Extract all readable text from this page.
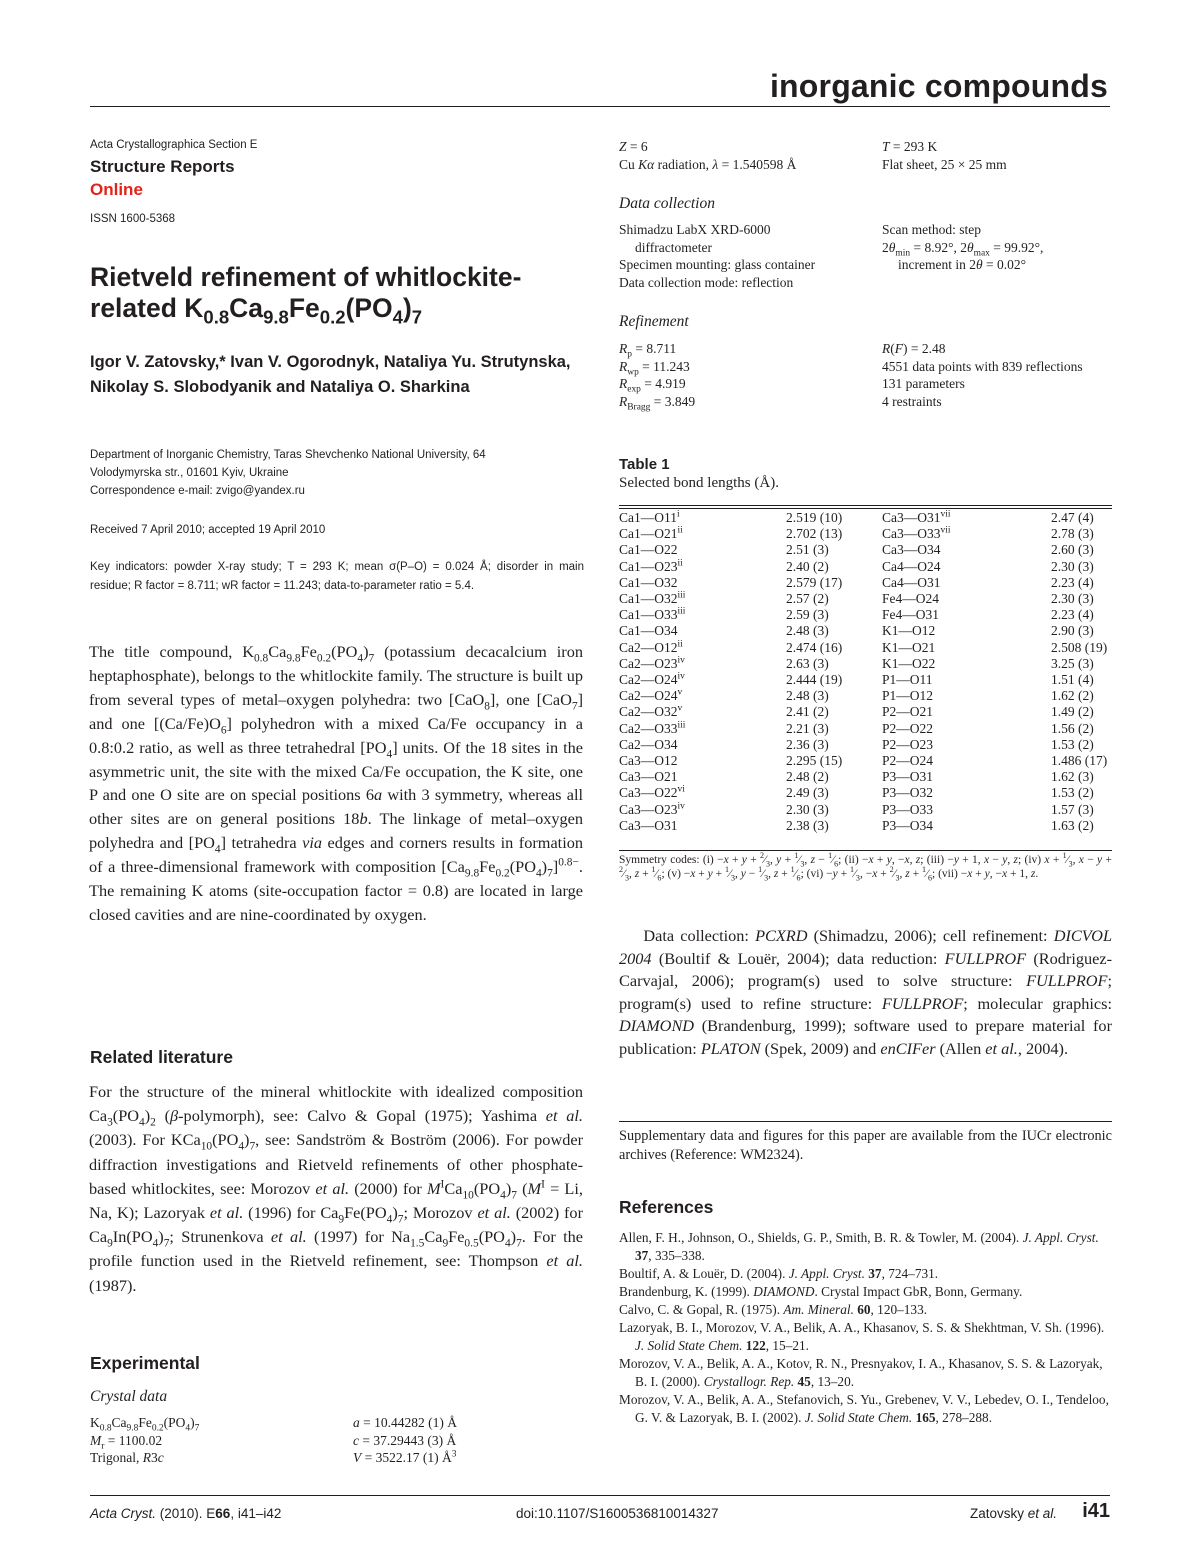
inorganic compounds
Acta Crystallographica Section E
Structure Reports
Online
ISSN 1600-5368
Rietveld refinement of whitlockite-
related $K_{0.8}Ca_{9.8}Fe_{0.2}(PO_4)_7$
Igor V. Zatovsky,* Ivan V. Ogorodnyk, Nataliya Yu. Strutynska, Nikolay S. Slobodyanik and Nataliya O. Sharkina
Department of Inorganic Chemistry, Taras Shevchenko National University, 64
Volodymyrska str., 01601 Kyiv, Ukraine
Correspondence e-mail: zvigo@yandex.ru
Received 7 April 2010; accepted 19 April 2010
Key indicators: powder X-ray study; T = 293 K; mean σ(P–O) = 0.024 Å; disorder in main residue; R factor = 8.711; wR factor = 11.243; data-to-parameter ratio = 5.4.
The title compound, $K_{0.8}Ca_{9.8}Fe_{0.2}(PO_4)_7$ (potassium decacalcium iron heptaphosphate), belongs to the whitlockite family. The structure is built up from several types of metal–oxygen polyhedra: two [CaO$_8$], one [CaO$_7$] and one $[(Ca/Fe)O_6]$ polyhedron with a mixed Ca/Fe occupancy in a 0.8:0.2 ratio, as well as three tetrahedral $[PO_4]$ units. Of the 18 sites in the asymmetric unit, the site with the mixed Ca/Fe occupation, the K site, one P and one O site are on special positions 6a with 3 symmetry, whereas all other sites are on general positions 18b. The linkage of metal–oxygen polyhedra and $[PO_4]$ tetrahedra via edges and corners results in formation of a three-dimensional framework with composition $[Ca_{9.8}Fe_{0.2}(PO_4)_7]^{0.8-}$. The remaining K atoms (site-occupation factor = 0.8) are located in large closed cavities and are nine-coordinated by oxygen.
Related literature
For the structure of the mineral whitlockite with idealized composition $Ca_3(PO_4)_2$ (β-polymorph), see: Calvo & Gopal (1975); Yashima et al. (2003). For $KCa_{10}(PO_4)_7$, see: Sandström & Boström (2006). For powder diffraction investigations and Rietveld refinements of other phosphate-based whitlockites, see: Morozov et al. (2000) for $M^ICa_{10}(PO_4)_7$ ($M^I = Li$, Na, K); Lazoryak et al. (1996) for $Ca_9Fe(PO_4)_7$; Morozov et al. (2002) for $Ca_9In(PO_4)_7$; Strunenkova et al. (1997) for $Na_{1.5}Ca_9Fe_{0.5}(PO_4)_7$. For the profile function used in the Rietveld refinement, see: Thompson et al. (1987).
Experimental
Crystal data
$K_{0.8}Ca_{9.8}Fe_{0.2}(PO_4)_7$
$M_r = 1100.02$
Trigonal, R3c
a = 10.44282 (1) Å
c = 37.29443 (3) Å
V = 3522.17 (1) $Å^3$
Z = 6
Cu Kα radiation, λ = 1.540598 Å
T = 293 K
Flat sheet, 25 × 25 mm
Data collection
Shimadzu LabX XRD-6000
diffractometer
Specimen mounting: glass container
Data collection mode: reflection
Scan method: step
$2\theta_{min} = 8.92^\circ$, $2\theta_{max} = 99.92^\circ$,
increment in 2θ = 0.02°
Refinement
$R_p = 8.711$
$R_{wp} = 11.243$
$R_{exp} = 4.919$
$R_{Bragg} = 3.849$
R(F) = 2.48
4551 data points with 839 reflections
131 parameters
4 restraints
Table 1
Selected bond lengths (Å).
Ca1—O11$^i$	2.519 (10)	Ca3—O31$^{vii}$	2.47 (4)
Ca1—O21$^{ii}$	2.702 (13)	Ca3—O33$^{vii}$	2.78 (3)
Ca1—O22	2.51 (3)	Ca3—O34	2.60 (3)
Ca1—O23$^{ii}$	2.40 (2)	Ca4—O24	2.30 (3)
Ca1—O32	2.579 (17)	Ca4—O31	2.23 (4)
Ca1—O32$^{iii}$	2.57 (2)	Fe4—O24	2.30 (3)
Ca1—O33$^{iii}$	2.59 (3)	Fe4—O31	2.23 (4)
Ca1—O34	2.48 (3)	K1—O12	2.90 (3)
Ca2—O12$^{ii}$	2.474 (16)	K1—O21	2.508 (19)
Ca2—O23$^{iv}$	2.63 (3)	K1—O22	3.25 (3)
Ca2—O24$^{iv}$	2.444 (19)	P1—O11	1.51 (4)
Ca2—O24$^v$	2.48 (3)	P1—O12	1.62 (2)
Ca2—O32$^v$	2.41 (2)	P2—O21	1.49 (2)
Ca2—O33$^{iii}$	2.21 (3)	P2—O22	1.56 (2)
Ca2—O34	2.36 (3)	P2—O23	1.53 (2)
Ca3—O12	2.295 (15)	P2—O24	1.486 (17)
Ca3—O21	2.48 (2)	P3—O31	1.62 (3)
Ca3—O22$^{vi}$	2.49 (3)	P3—O32	1.53 (2)
Ca3—O23$^{iv}$	2.30 (3)	P3—O33	1.57 (3)
Ca3—O31	2.38 (3)	P3—O34	1.63 (2)
Symmetry codes: $(i) -x + y + ^2⁄_3$, $y + ^1⁄_3$, $z - ^1⁄_6$; (ii) −x + y, −x, z; (iii) −y + 1, x − y, z; (iv) $x + ^1⁄_3$, $x - y + ^2⁄_3$, $z + ^1⁄_6$; $(v) -x + y + ^1⁄_3$, $y - ^1⁄_3$, $z + ^1⁄_6$; $(vi) -y + ^1⁄_3$, $-x + ^2⁄_3$, $z + ^1⁄_6$; (vii) −x + y, −x + 1, z.
Data collection: PCXRD (Shimadzu, 2006); cell refinement: DICVOL 2004 (Boultif & Louër, 2004); data reduction: FULLPROF (Rodriguez-Carvajal, 2006); program(s) used to solve structure: FULLPROF; program(s) used to refine structure: FULLPROF; molecular graphics: DIAMOND (Brandenburg, 1999); software used to prepare material for publication: PLATON (Spek, 2009) and enCIFer (Allen et al., 2004).
Supplementary data and figures for this paper are available from the IUCr electronic archives (Reference: WM2324).
References
Allen, F. H., Johnson, O., Shields, G. P., Smith, B. R. & Towler, M. (2004). J. Appl. Cryst. 37, 335–338.
Boultif, A. & Louër, D. (2004). J. Appl. Cryst. 37, 724–731.
Brandenburg, K. (1999). DIAMOND. Crystal Impact GbR, Bonn, Germany.
Calvo, C. & Gopal, R. (1975). Am. Mineral. 60, 120–133.
Lazoryak, B. I., Morozov, V. A., Belik, A. A., Khasanov, S. S. & Shekhtman, V. Sh. (1996). J. Solid State Chem. 122, 15–21.
Morozov, V. A., Belik, A. A., Kotov, R. N., Presnyakov, I. A., Khasanov, S. S. & Lazoryak, B. I. (2000). Crystallogr. Rep. 45, 13–20.
Morozov, V. A., Belik, A. A., Stefanovich, S. Yu., Grebenev, V. V., Lebedev, O. I., Tendeloo, G. V. & Lazoryak, B. I. (2002). J. Solid State Chem. 165, 278–288.
Acta Cryst. (2010). E66, i41–i42	doi:10.1107/S1600536810014327	Zatovsky et al. i41
